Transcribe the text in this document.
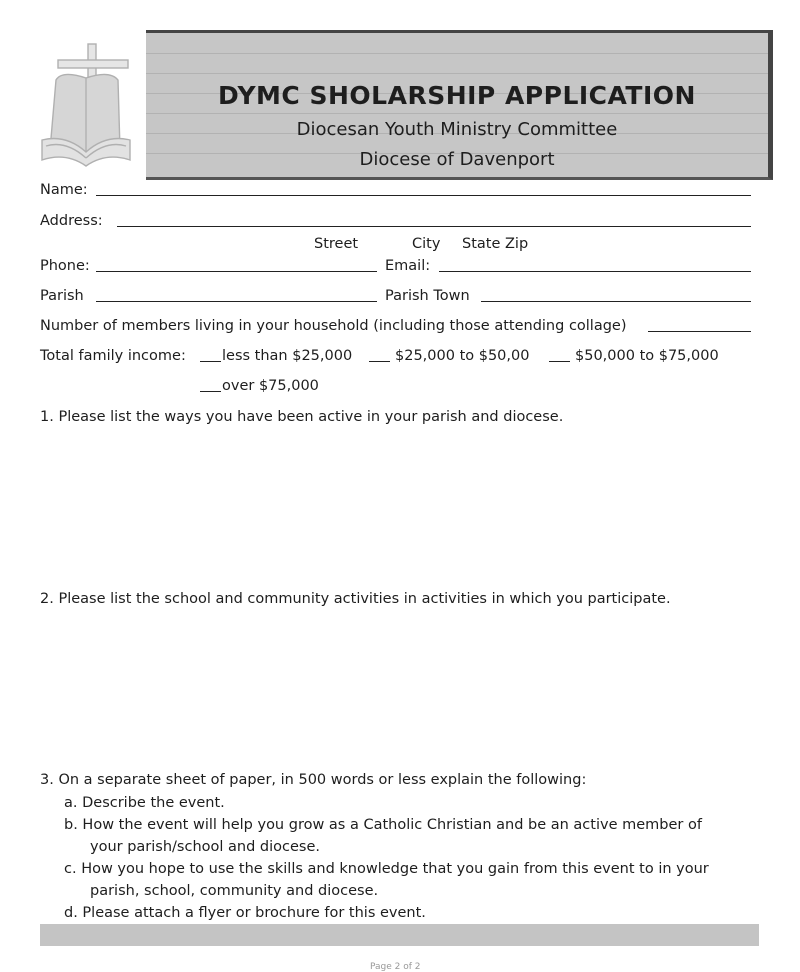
DYMC SHOLARSHIP APPLICATION
Diocesan Youth Ministry Committee
Diocese of Davenport
Name:
Address:
Street	City State Zip
Phone:	Email:
Parish	Parish Town
Number of members living in your household (including those attending collage)
Total family income: less than $25,000	$25,000 to $50,00	$50,000 to $75,000
over $75,000
1. Please list the ways you have been active in your parish and diocese.
2. Please list the school and community activities in activities in which you participate.
3. On a separate sheet of paper, in 500 words or less explain the following:
a. Describe the event.
b. How the event will help you grow as a Catholic Christian and be an active member of
your parish/school and diocese.
c. How you hope to use the skills and knowledge that you gain from this event to in your
parish, school, community and diocese.
d. Please attach a flyer or brochure for this event.
Page 2 of 2
